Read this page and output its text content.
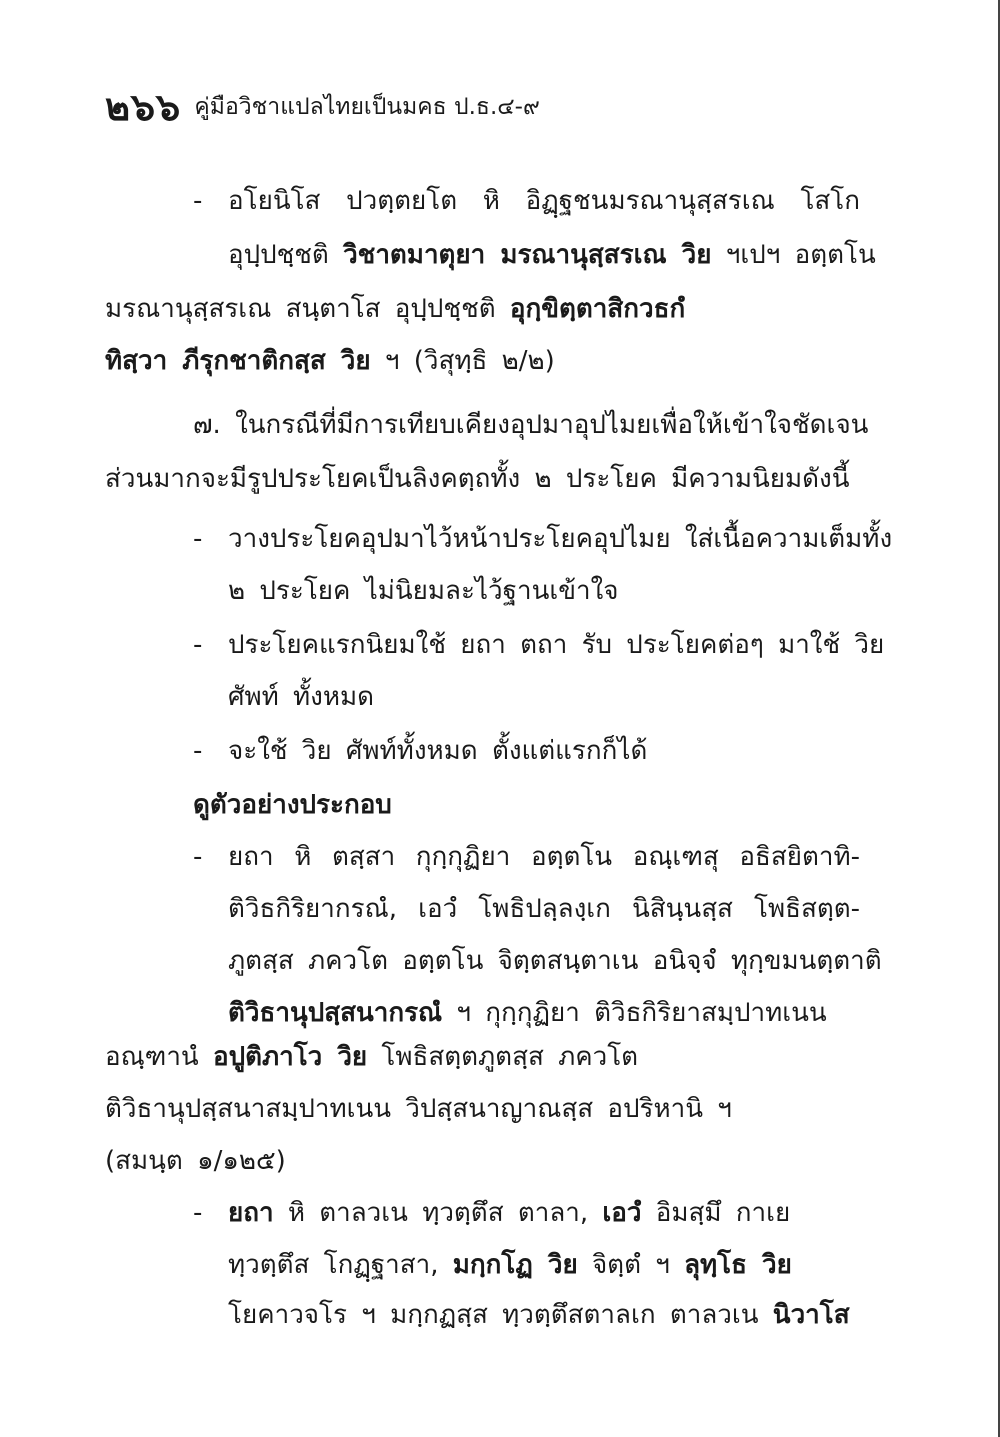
๒๖๖ คู่มือวิชาแปลไทยเป็นมคธ ป.ธ.๔-๙
- อโยนิโส ปวตฺตยโต หิ อิฏฺฐชนมรณานุสฺสรเณ โสโก
อุปฺปชฺชติ วิชาตมาตุยา มรณานุสฺสรเณ วิย ฯเปฯ อตฺตโน
มรณานุสฺสรเณ สนฺตาโส อุปฺปชฺชติ อุกฺขิตฺตาสิกวธกํ
ทิสฺวา ภีรุกชาติกสฺส วิย ฯ (วิสุทฺธิ ๒/๒)
๗. ในกรณีที่มีการเทียบเคียงอุปมาอุปไมยเพื่อให้เข้าใจชัดเจน
ส่วนมากจะมีรูปประโยคเป็นลิงคตฺถทั้ง ๒ ประโยค มีความนิยมดังนี้
- วางประโยคอุปมาไว้หน้าประโยคอุปไมย ใส่เนื้อความเต็มทั้ง
๒ ประโยค ไม่นิยมละไว้ฐานเข้าใจ
- ประโยคแรกนิยมใช้ ยถา ตถา รับ ประโยคต่อๆ มาใช้ วิย
ศัพท์ ทั้งหมด
- จะใช้ วิย ศัพท์ทั้งหมด ตั้งแต่แรกก็ได้
ดูตัวอย่างประกอบ
- ยถา หิ ตสฺสา กุกฺกุฏิยา อตฺตโน อณฺเฑสุ อธิสยิตาทิ-
ติวิธกิริยากรณํ, เอวํ โพธิปลฺลงฺเก นิสินฺนสฺส โพธิสตฺต-
ภูตสฺส ภควโต อตฺตโน จิตฺตสนฺตาเน อนิจฺจํ ทุกฺขมนตฺตาติ
ติวิธานุปสฺสนากรณํ ฯ กุกฺกุฏิยา ติวิธกิริยาสมฺปาทเนน
อณฺฑานํ อปูติภาโว วิย โพธิสตฺตภูตสฺส ภควโต
ติวิธานุปสฺสนาสมฺปาทเนน วิปสฺสนาญาณสฺส อปริหานิ ฯ
(สมนฺต ๑/๑๒๕)
- ยถา หิ ตาลวเน ทฺวตฺตึส ตาลา, เอวํ อิมสฺมึ กาเย
ทฺวตฺตึส โกฏฺฐาสา, มกฺกโฏ วิย จิตฺตํ ฯ ลุทฺโธ วิย
โยคาวจโร ฯ มกฺกฏสฺส ทฺวตฺตึสตาลเก ตาลวเน นิวาโส
